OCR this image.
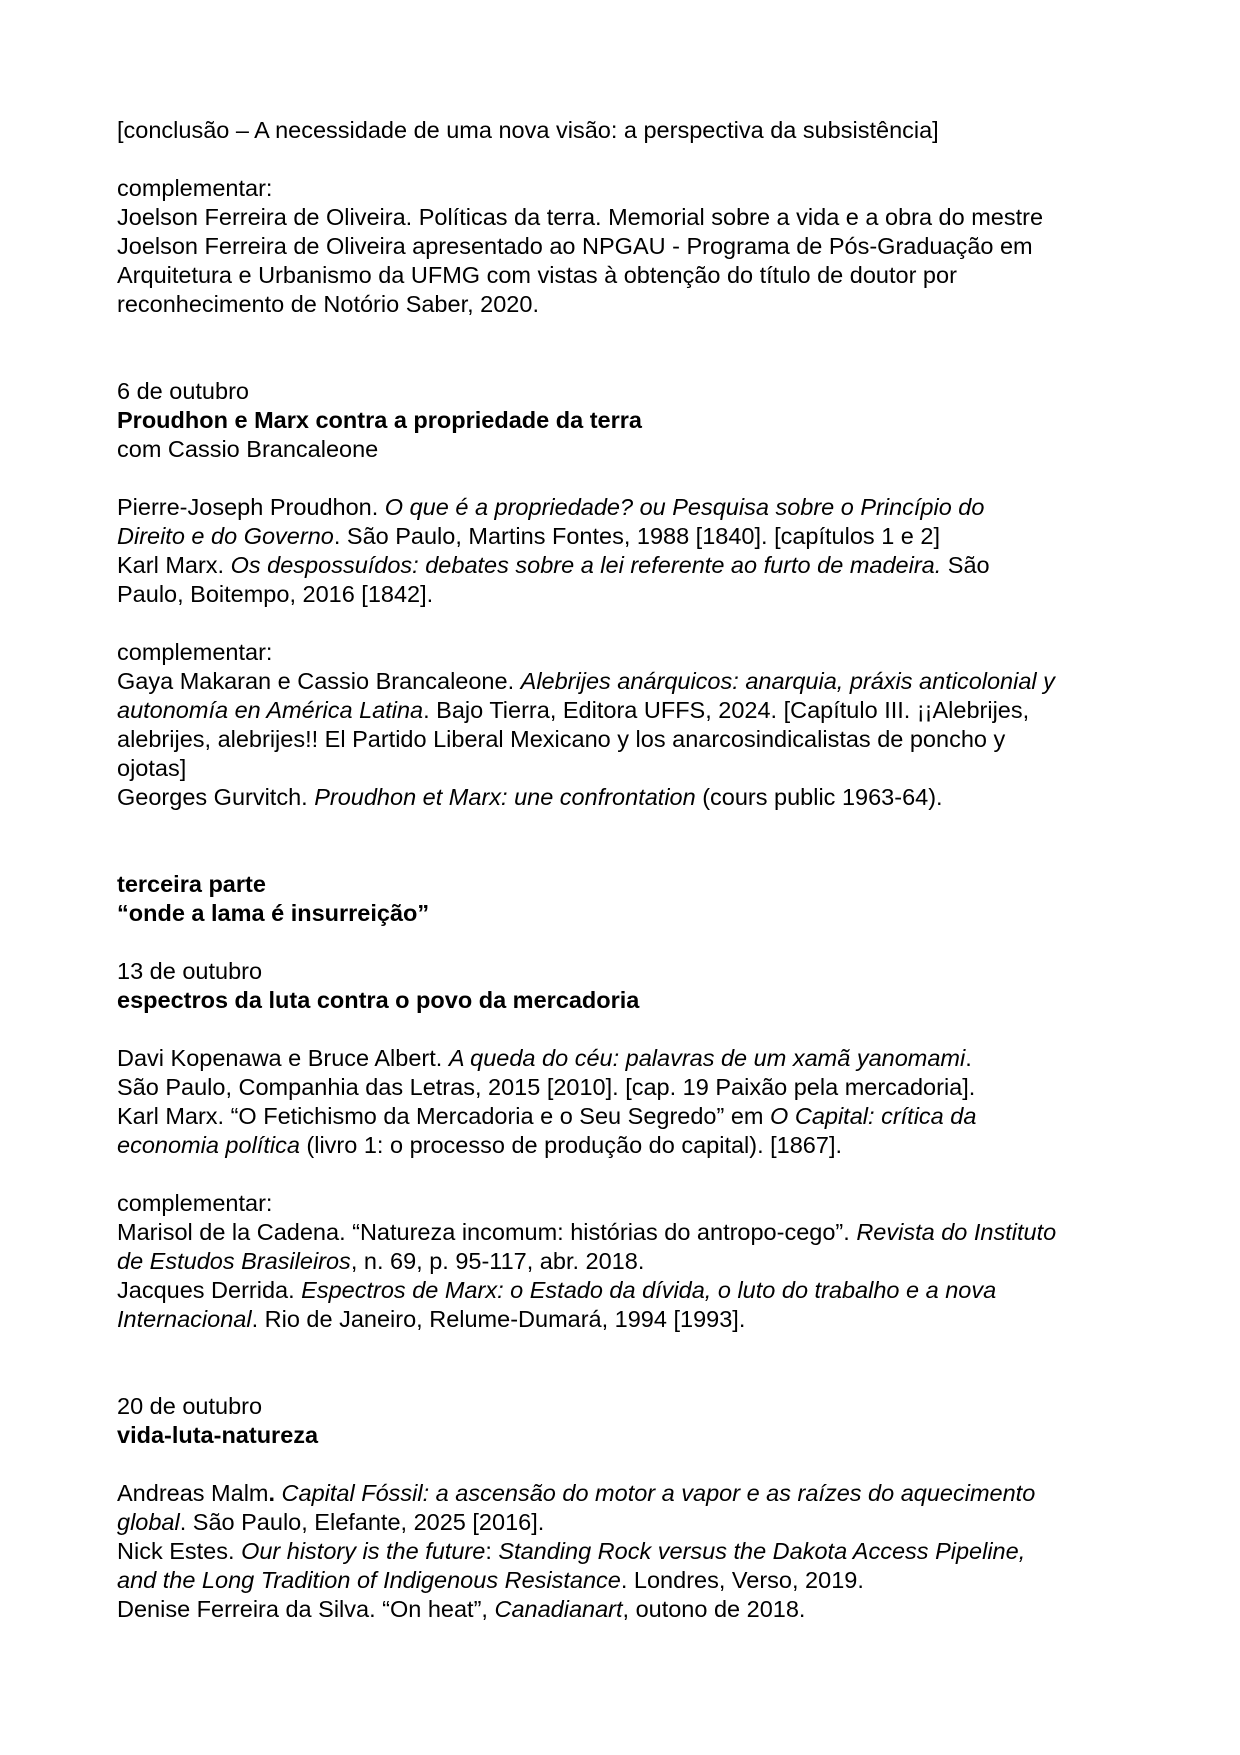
[conclusão – A necessidade de uma nova visão: a perspectiva da subsistência]
complementar:
Joelson Ferreira de Oliveira. Políticas da terra. Memorial sobre a vida e a obra do mestre
Joelson Ferreira de Oliveira apresentado ao NPGAU - Programa de Pós-Graduação em
Arquitetura e Urbanismo da UFMG com vistas à obtenção do título de doutor por
reconhecimento de Notório Saber, 2020.
6 de outubro
Proudhon e Marx contra a propriedade da terra
com Cassio Brancaleone
Pierre-Joseph Proudhon. O que é a propriedade? ou Pesquisa sobre o Princípio do
Direito e do Governo. São Paulo, Martins Fontes, 1988 [1840]. [capítulos 1 e 2]
Karl Marx. Os despossuídos: debates sobre a lei referente ao furto de madeira. São
Paulo, Boitempo, 2016 [1842].
complementar:
Gaya Makaran e Cassio Brancaleone. Alebrijes anárquicos: anarquia, práxis anticolonial y
autonomía en América Latina. Bajo Tierra, Editora UFFS, 2024. [Capítulo III. ¡¡Alebrijes,
alebrijes, alebrijes!! El Partido Liberal Mexicano y los anarcosindicalistas de poncho y
ojotas]
Georges Gurvitch. Proudhon et Marx: une confrontation (cours public 1963-64).
terceira parte
“onde a lama é insurreição”
13 de outubro
espectros da luta contra o povo da mercadoria
Davi Kopenawa e Bruce Albert. A queda do céu: palavras de um xamã yanomami.
São Paulo, Companhia das Letras, 2015 [2010]. [cap. 19 Paixão pela mercadoria].
Karl Marx. “O Fetichismo da Mercadoria e o Seu Segredo” em O Capital: crítica da
economia política (livro 1: o processo de produção do capital). [1867].
complementar:
Marisol de la Cadena. “Natureza incomum: histórias do antropo-cego”. Revista do Instituto
de Estudos Brasileiros, n. 69, p. 95-117, abr. 2018.
Jacques Derrida. Espectros de Marx: o Estado da dívida, o luto do trabalho e a nova
Internacional. Rio de Janeiro, Relume-Dumará, 1994 [1993].
20 de outubro
vida-luta-natureza
Andreas Malm. Capital Fóssil: a ascensão do motor a vapor e as raízes do aquecimento
global. São Paulo, Elefante, 2025 [2016].
Nick Estes. Our history is the future: Standing Rock versus the Dakota Access Pipeline,
and the Long Tradition of Indigenous Resistance. Londres, Verso, 2019.
Denise Ferreira da Silva. “On heat”, Canadianart, outono de 2018.
